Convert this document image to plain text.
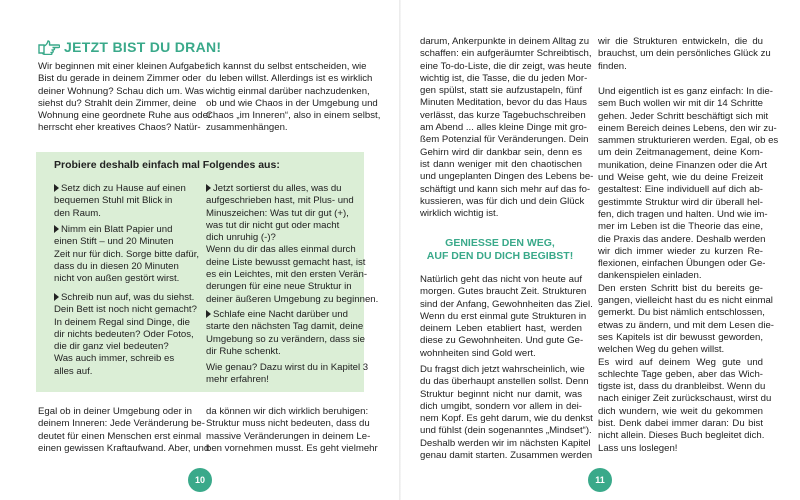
JETZT BIST DU DRAN!

Wir beginnen mit einer kleinen Aufgabe:

Bist du gerade in deinem Zimmer oder

deiner Wohnung? Schau dich um. Was

siehst du? Strahlt dein Zimmer, deine

Wohnung eine geordnete Ruhe aus oder

herrscht eher kreatives Chaos? Natür-

lich kannst du selbst entscheiden, wie

du leben willst. Allerdings ist es wirklich

wichtig einmal darüber nachzudenken,

ob und wie Chaos in der Umgebung und

Chaos „im Inneren“, also in einem selbst,

zusammenhängen.

Probiere deshalb einfach mal Folgendes aus:

Setz dich zu Hause auf einen

bequemen Stuhl mit Blick in

den Raum.

Nimm ein Blatt Papier und

einen Stift – und 20 Minuten

Zeit nur für dich. Sorge bitte dafür,

dass du in diesen 20 Minuten

nicht von außen gestört wirst.

Schreib nun auf, was du siehst.

Dein Bett ist noch nicht gemacht?

In deinem Regal sind Dinge, die

dir nichts bedeuten? Oder Fotos,

die dir ganz viel bedeuten?

Was auch immer, schreib es

alles auf.

Jetzt sortierst du alles, was du

aufgeschrieben hast, mit Plus- und

Minuszeichen: Was tut dir gut (+),

was tut dir nicht gut oder macht

dich unruhig (-)?

Wenn du dir das alles einmal durch

deine Liste bewusst gemacht hast, ist

es ein Leichtes, mit den ersten Verän-

derungen für eine neue Struktur in

deiner äußeren Umgebung zu beginnen.

Schlafe eine Nacht darüber und

starte den nächsten Tag damit, deine

Umgebung so zu verändern, dass sie

dir Ruhe schenkt.

Wie genau? Dazu wirst du in Kapitel 3

mehr erfahren!

Egal ob in deiner Umgebung oder in

deinem Inneren: Jede Veränderung be-

deutet für einen Menschen erst einmal

einen gewissen Kraftaufwand. Aber, und

da können wir dich wirklich beruhigen:

Struktur muss nicht bedeuten, dass du

massive Veränderungen in deinem Le-

ben vornehmen musst. Es geht vielmehr

10

darum, Ankerpunkte in deinem Alltag zu

schaffen: ein aufgeräumter Schreibtisch,

eine To-do-Liste, die dir zeigt, was heute

wichtig ist, die Tasse, die du jeden Mor-

gen spülst, statt sie aufzustapeln, fünf

Minuten Meditation, bevor du das Haus

verlässt, das kurze Tagebuchschreiben

am Abend ... alles kleine Dinge mit gro-

ßem Potenzial für Veränderungen. Dein

Gehirn wird dir dankbar sein, denn es

ist dann weniger mit den chaotischen

und ungeplanten Dingen des Lebens be-

schäftigt und kann sich mehr auf das fo-

kussieren, was für dich und dein Glück

wirklich wichtig ist.

GENIESSE DEN WEG,

AUF DEN DU DICH BEGIBST!

Natürlich geht das nicht von heute auf

morgen. Gutes braucht Zeit. Strukturen

sind der Anfang, Gewohnheiten das Ziel.

Wenn du erst einmal gute Strukturen in

deinem Leben etabliert hast, werden

diese zu Gewohnheiten. Und gute Ge-

wohnheiten sind Gold wert.

Du fragst dich jetzt wahrscheinlich, wie

du das überhaupt anstellen sollst. Denn

Struktur beginnt nicht nur damit, was

dich umgibt, sondern vor allem in dei-

nem Kopf. Es geht darum, wie du denkst

und fühlst (dein sogenanntes „Mindset“).

Deshalb werden wir im nächsten Kapitel

genau damit starten. Zusammen werden

wir die Strukturen entwickeln, die du

brauchst, um dein persönliches Glück zu

finden.

Und eigentlich ist es ganz einfach: In die-

sem Buch wollen wir mit dir 14 Schritte

gehen. Jeder Schritt beschäftigt sich mit

einem Bereich deines Lebens, den wir zu-

sammen strukturieren werden. Egal, ob es

um dein Zeitmanagement, deine Kom-

munikation, deine Finanzen oder die Art

und Weise geht, wie du deine Freizeit

gestaltest: Eine individuell auf dich ab-

gestimmte Struktur wird dir überall hel-

fen, dich tragen und halten. Und wie im-

mer im Leben ist die Theorie das eine,

die Praxis das andere. Deshalb werden

wir dich immer wieder zu kurzen Re-

flexionen, einfachen Übungen oder Ge-

dankenspielen einladen.

Den ersten Schritt bist du bereits ge-

gangen, vielleicht hast du es nicht einmal

gemerkt. Du bist nämlich entschlossen,

etwas zu ändern, und mit dem Lesen die-

ses Kapitels ist dir bewusst geworden,

welchen Weg du gehen willst.

Es wird auf deinem Weg gute und

schlechte Tage geben, aber das Wich-

tigste ist, dass du dranbleibst. Wenn du

nach einiger Zeit zurückschaust, wirst du

dich wundern, wie weit du gekommen

bist. Denk dabei immer daran: Du bist

nicht allein. Dieses Buch begleitet dich.

Lass uns loslegen!

11
